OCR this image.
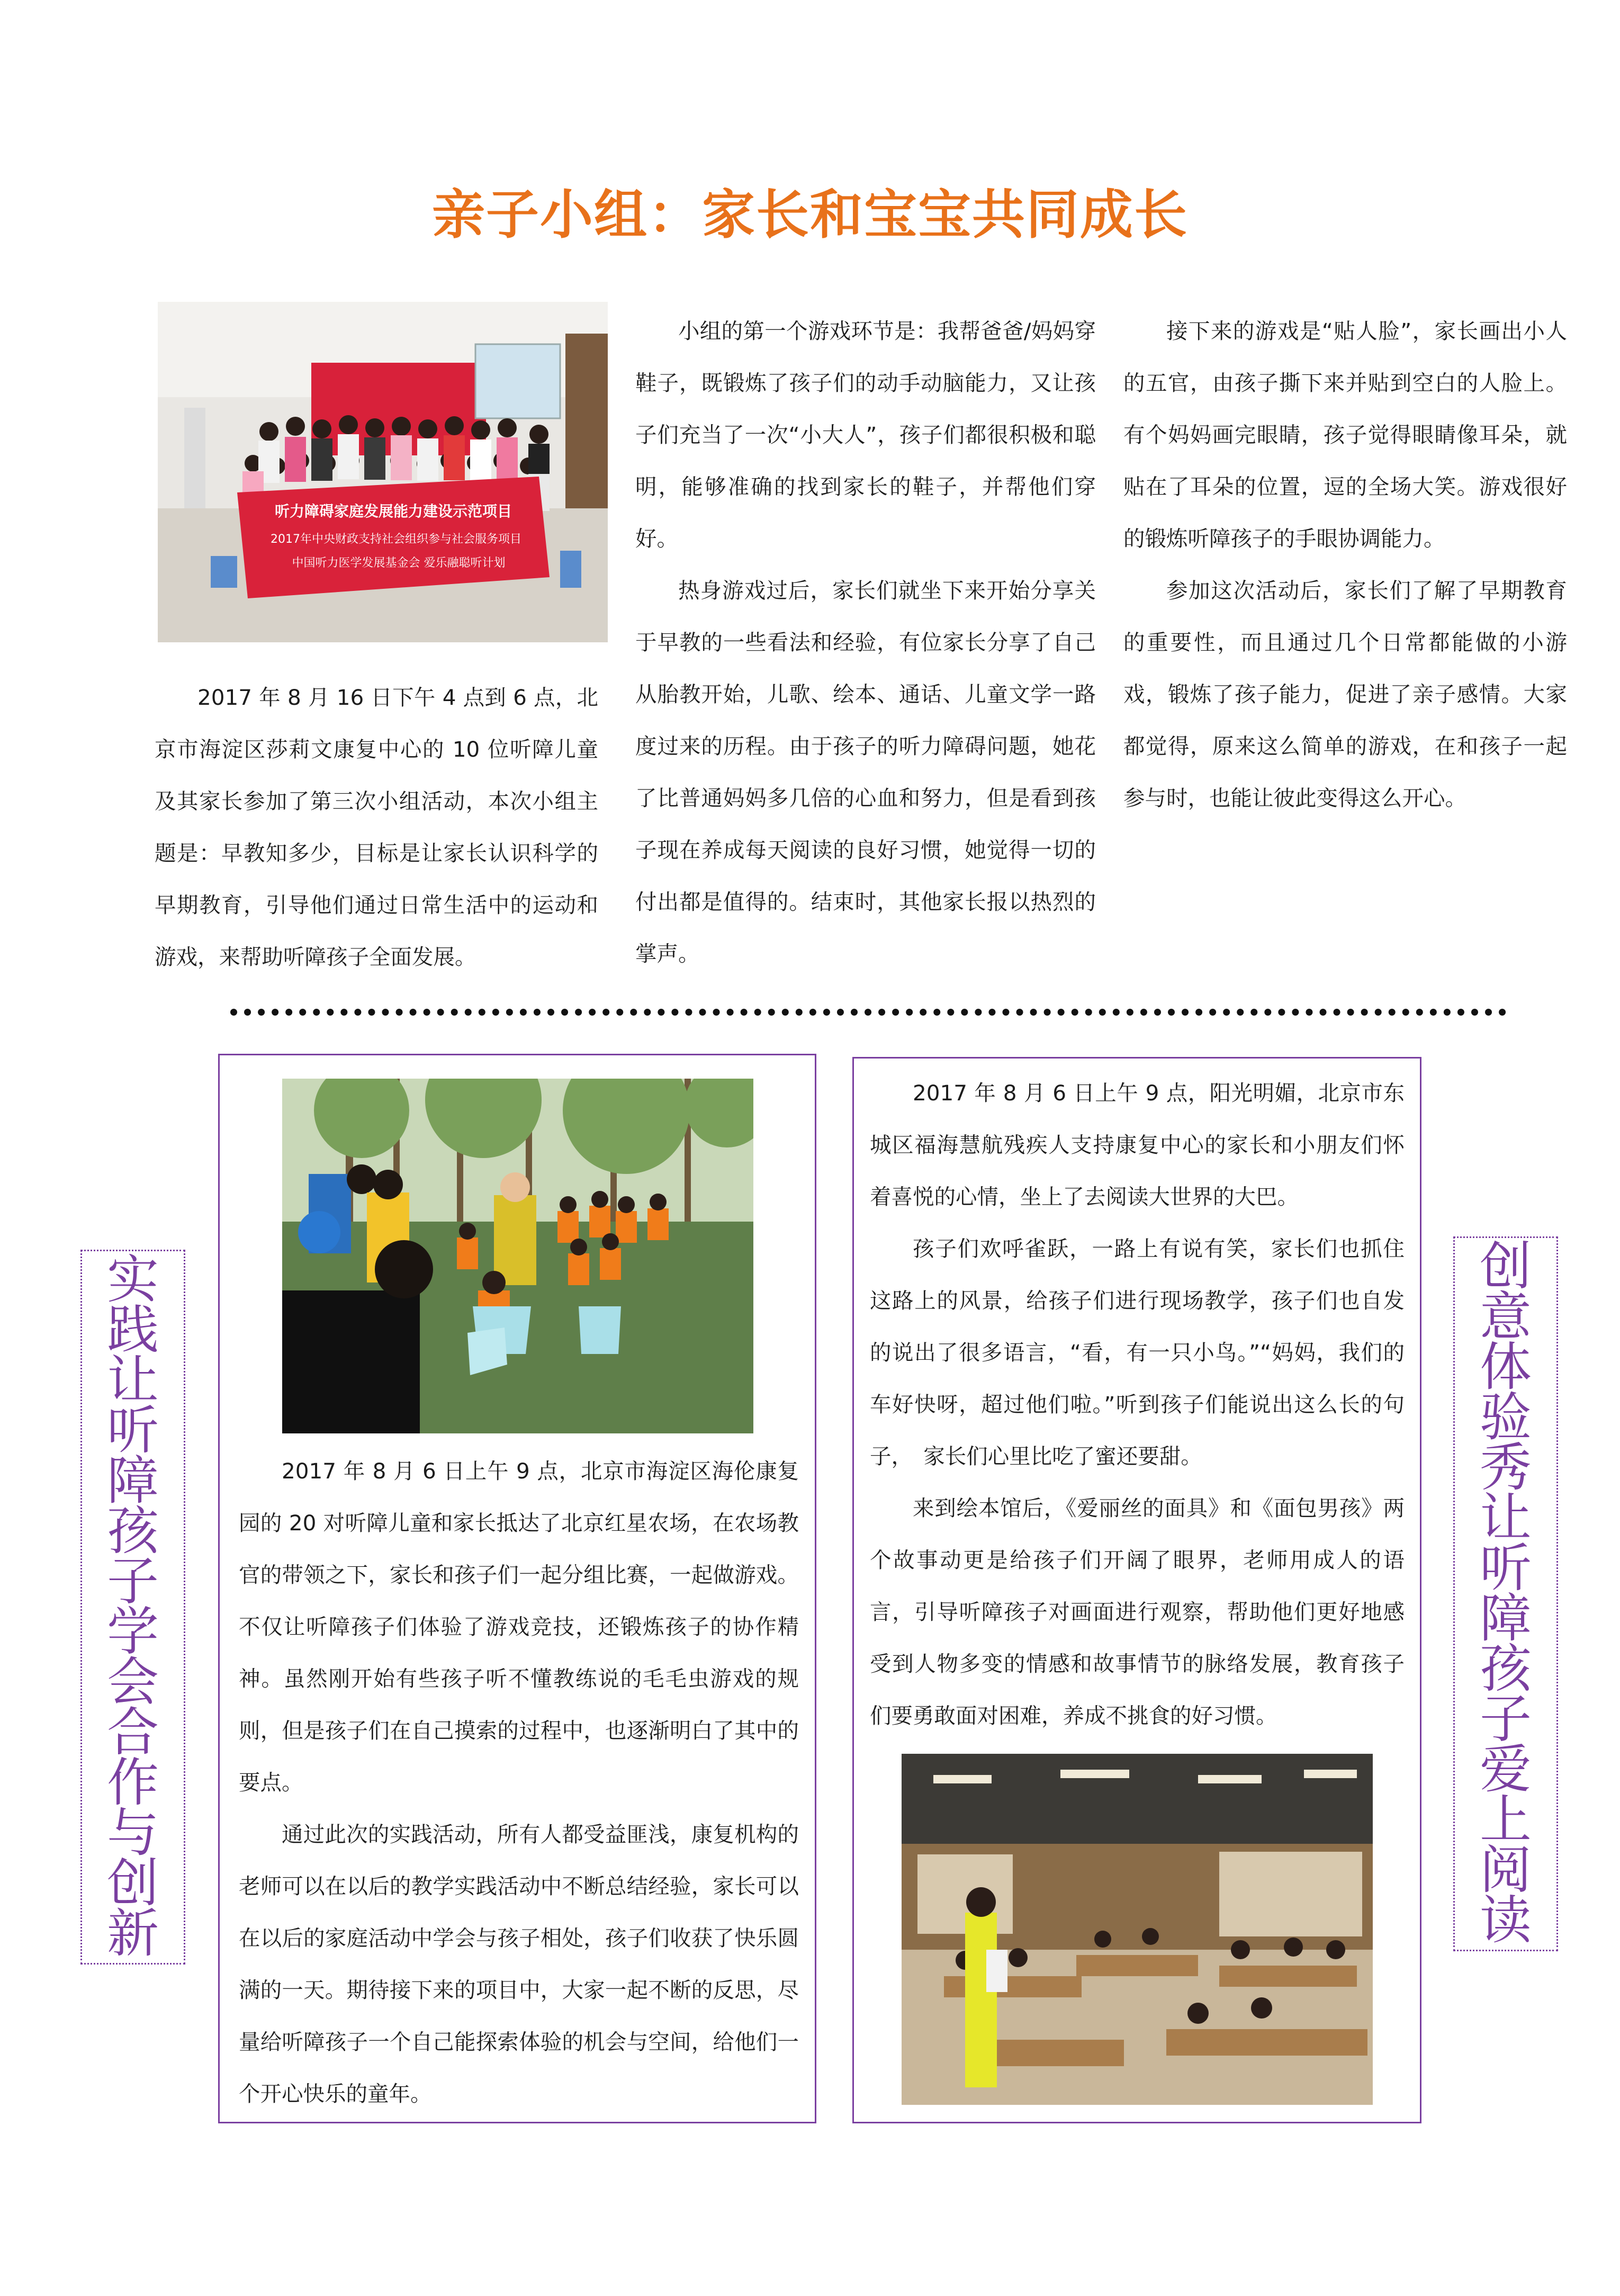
亲子小组：家长和宝宝共同成长
听力障碍家庭发展能力建设示范项目
2017年中央财政支持社会组织参与社会服务项目
中国听力医学发展基金会 爱乐融聪听计划

2017 年 8 月 16 日下午 4 点到 6 点，北京市海淀区莎莉文康复中心的 10 位听障儿童及其家长参加了第三次小组活动，本次小组主题是：早教知多少，目标是让家长认识科学的早期教育，引导他们通过日常生活中的运动和游戏，来帮助听障孩子全面发展。

小组的第一个游戏环节是：我帮爸爸/妈妈穿鞋子，既锻炼了孩子们的动手动脑能力，又让孩子们充当了一次“小大人”，孩子们都很积极和聪明，能够准确的找到家长的鞋子，并帮他们穿好。

热身游戏过后，家长们就坐下来开始分享关于早教的一些看法和经验，有位家长分享了自己从胎教开始，儿歌、绘本、通话、儿童文学一路度过来的历程。由于孩子的听力障碍问题，她花了比普通妈妈多几倍的心血和努力，但是看到孩子现在养成每天阅读的良好习惯，她觉得一切的付出都是值得的。结束时，其他家长报以热烈的掌声。

接下来的游戏是“贴人脸”，家长画出小人的五官，由孩子撕下来并贴到空白的人脸上。有个妈妈画完眼睛，孩子觉得眼睛像耳朵，就贴在了耳朵的位置，逗的全场大笑。游戏很好的锻炼听障孩子的手眼协调能力。

参加这次活动后，家长们了解了早期教育的重要性，而且通过几个日常都能做的小游戏，锻炼了孩子能力，促进了亲子感情。大家都觉得，原来这么简单的游戏，在和孩子一起参与时，也能让彼此变得这么开心。

实践让听障孩子学会合作与创新

2017 年 8 月 6 日上午 9 点，北京市海淀区海伦康复园的 20 对听障儿童和家长抵达了北京红星农场，在农场教官的带领之下，家长和孩子们一起分组比赛，一起做游戏。不仅让听障孩子们体验了游戏竞技，还锻炼孩子的协作精神。虽然刚开始有些孩子听不懂教练说的毛毛虫游戏的规则，但是孩子们在自己摸索的过程中，也逐渐明白了其中的要点。

通过此次的实践活动，所有人都受益匪浅，康复机构的老师可以在以后的教学实践活动中不断总结经验，家长可以在以后的家庭活动中学会与孩子相处，孩子们收获了快乐圆满的一天。期待接下来的项目中，大家一起不断的反思，尽量给听障孩子一个自己能探索体验的机会与空间，给他们一个开心快乐的童年。

2017 年 8 月 6 日上午 9 点，阳光明媚，北京市东城区福海慧航残疾人支持康复中心的家长和小朋友们怀着喜悦的心情，坐上了去阅读大世界的大巴。

孩子们欢呼雀跃，一路上有说有笑，家长们也抓住这路上的风景，给孩子们进行现场教学，孩子们也自发的说出了很多语言，“看，有一只小鸟。”“妈妈，我们的车好快呀，超过他们啦。”听到孩子们能说出这么长的句子，　家长们心里比吃了蜜还要甜。

来到绘本馆后，《爱丽丝的面具》和《面包男孩》两个故事动更是给孩子们开阔了眼界，老师用成人的语言，引导听障孩子对画面进行观察，帮助他们更好地感受到人物多变的情感和故事情节的脉络发展，教育孩子们要勇敢面对困难，养成不挑食的好习惯。

创意体验秀让听障孩子爱上阅读
